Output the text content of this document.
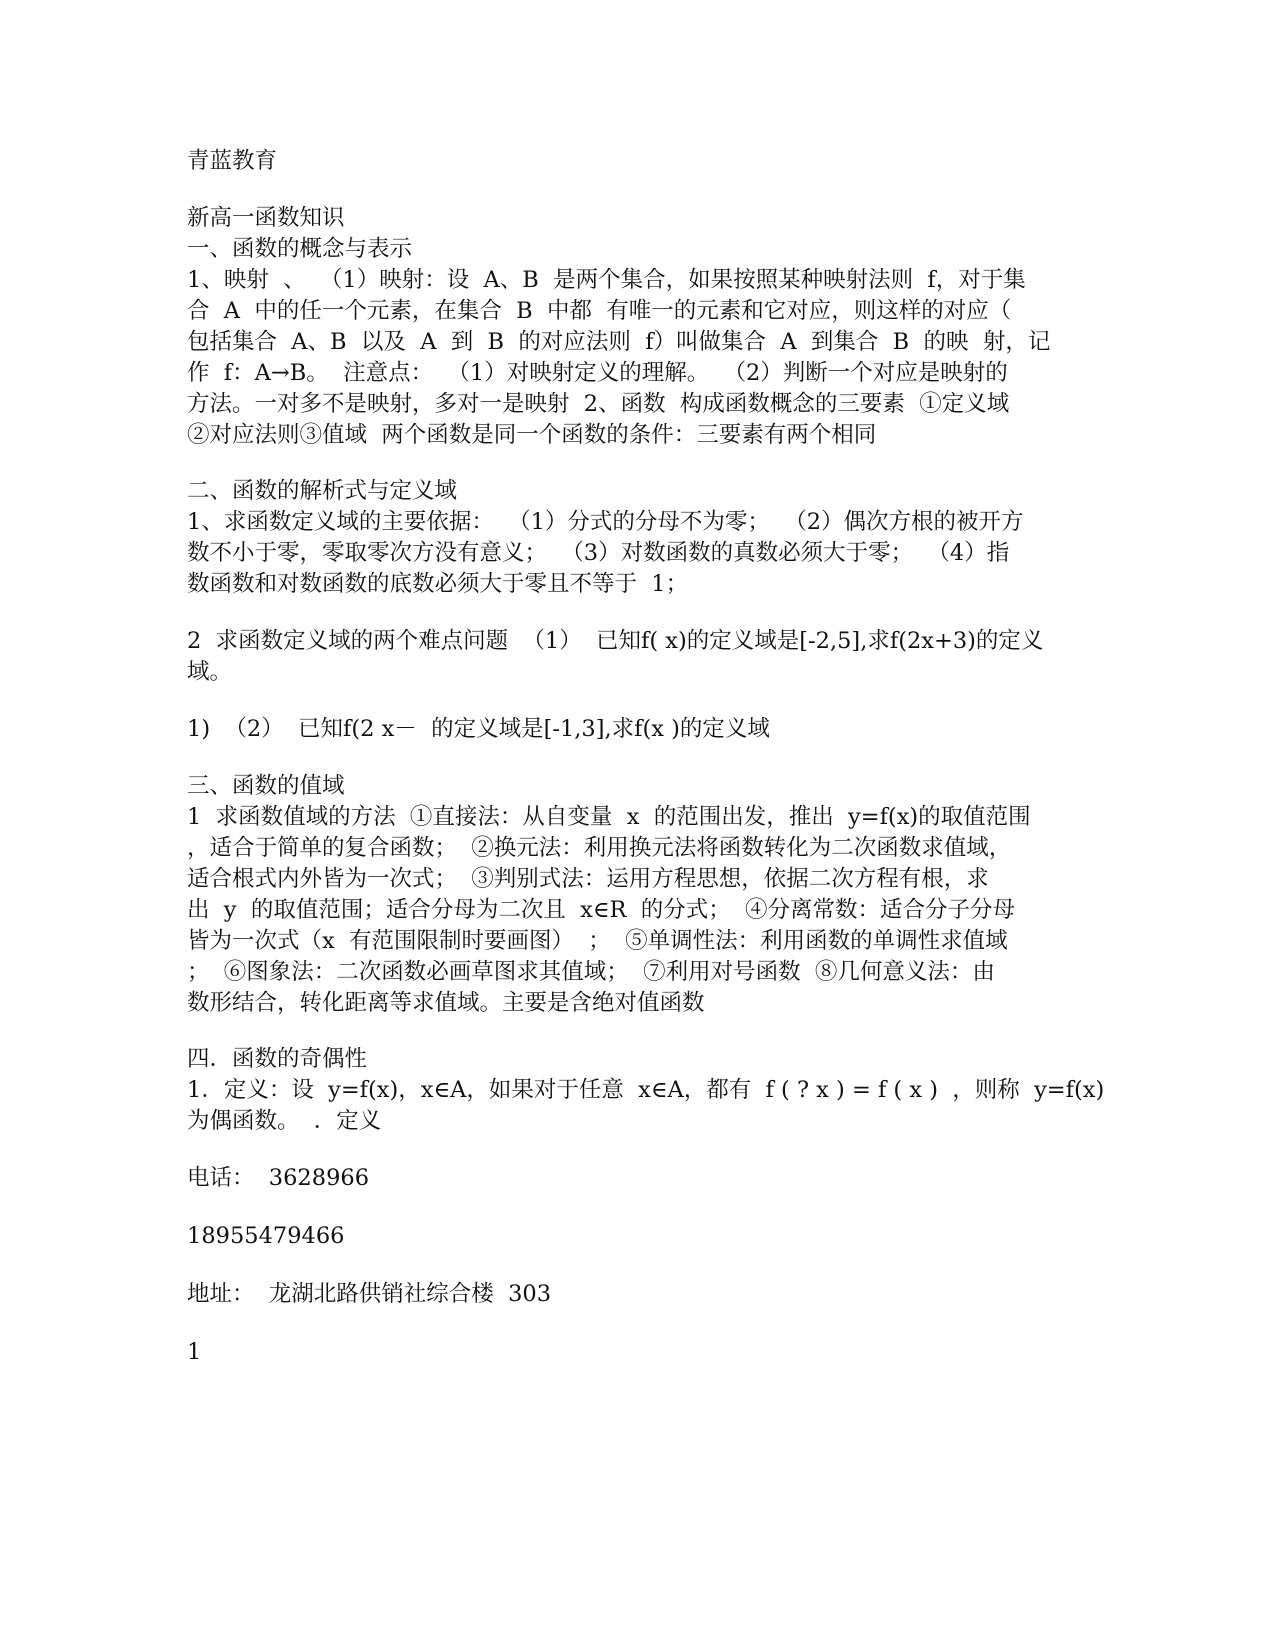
青蓝教育
新高一函数知识
一、函数的概念与表示
1、映射  、  （1）映射：设  A、B  是两个集合，如果按照某种映射法则  f，对于集
合  A  中的任一个元素，在集合  B  中都  有唯一的元素和它对应，则这样的对应（
包括集合  A、B  以及  A  到  B  的对应法则  f）叫做集合  A  到集合  B  的映  射，记
作  f：A→B。  注意点：  （1）对映射定义的理解。  （2）判断一个对应是映射的
方法。一对多不是映射，多对一是映射  2、函数  构成函数概念的三要素  ①定义域
②对应法则③值域  两个函数是同一个函数的条件：三要素有两个相同
二、函数的解析式与定义域
1、求函数定义域的主要依据：  （1）分式的分母不为零；  （2）偶次方根的被开方
数不小于零，零取零次方没有意义；  （3）对数函数的真数必须大于零；  （4）指
数函数和对数函数的底数必须大于零且不等于  1；
2  求函数定义域的两个难点问题  （1）  已知f( x)的定义域是[-2,5],求f(2x+3)的定义
域。
1)  （2）  已知f(2 x－  的定义域是[-1,3],求f(x )的定义域
三、函数的值域
1  求函数值域的方法  ①直接法：从自变量  x  的范围出发，推出  y=f(x)的取值范围
，适合于简单的复合函数；  ②换元法：利用换元法将函数转化为二次函数求值域，
适合根式内外皆为一次式；  ③判别式法：运用方程思想，依据二次方程有根，求
出  y  的取值范围；适合分母为二次且  x∈R  的分式；  ④分离常数：适合分子分母
皆为一次式（x  有范围限制时要画图）  ；  ⑤单调性法：利用函数的单调性求值域
；  ⑥图象法：二次函数必画草图求其值域；  ⑦利用对号函数  ⑧几何意义法：由
数形结合，转化距离等求值域。主要是含绝对值函数
四．函数的奇偶性
1．定义：设  y=f(x)，x∈A，如果对于任意  x∈A，都有  f ( ? x ) = f ( x )  ，则称  y=f(x)
为偶函数。  ．定义
电话：  3628966
18955479466
地址：  龙湖北路供销社综合楼  303
1
